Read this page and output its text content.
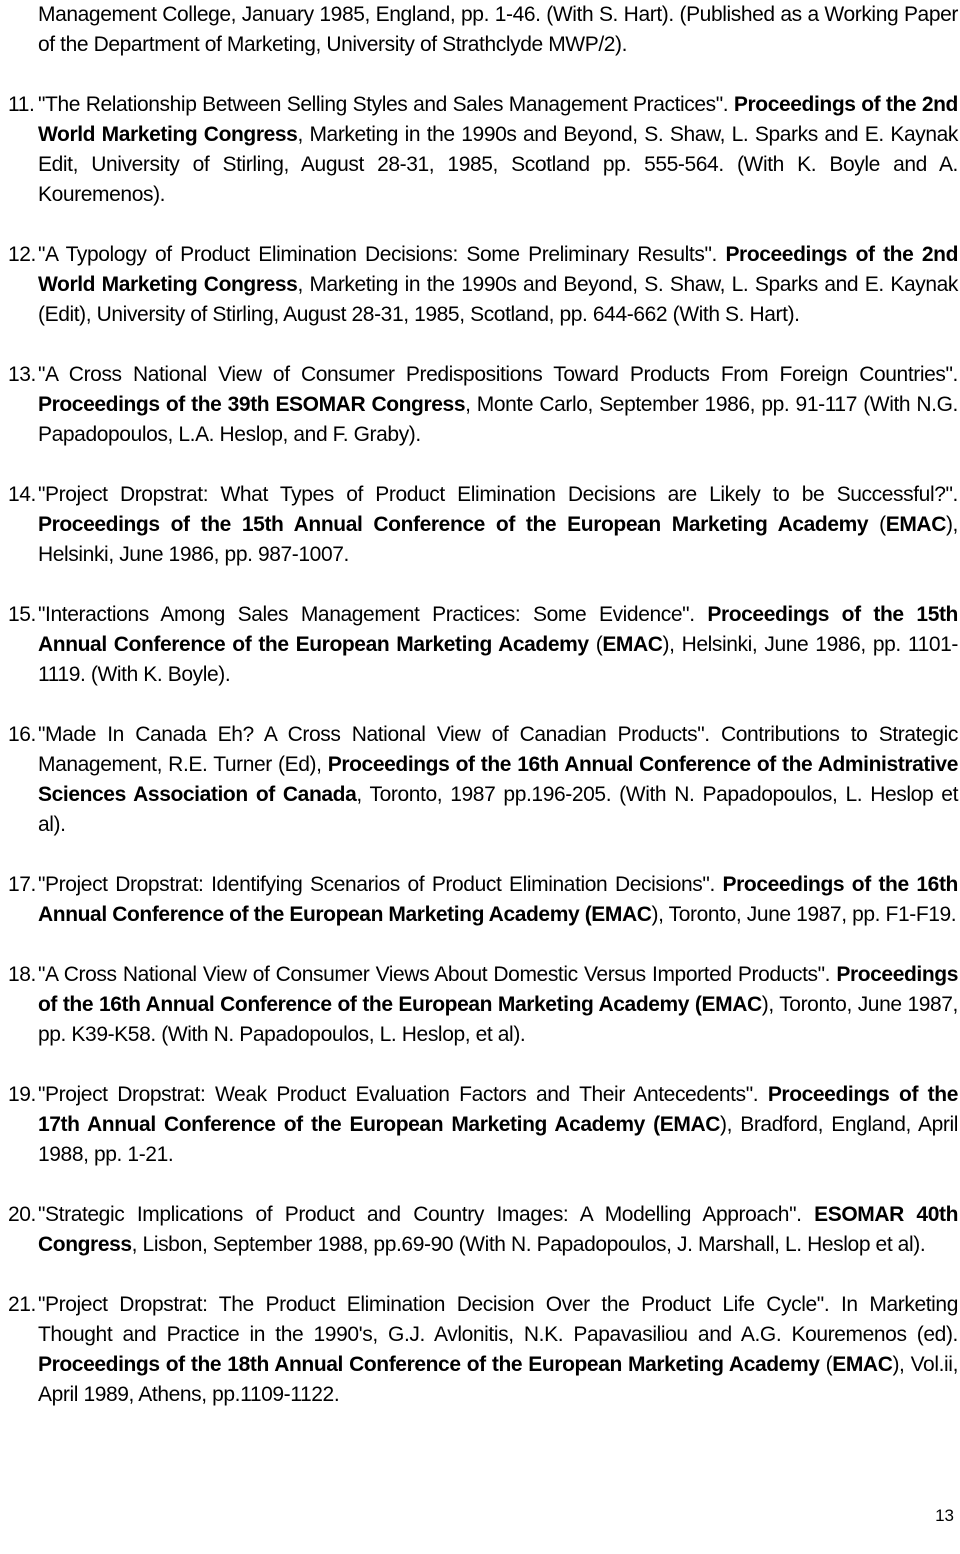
Management College, January 1985, England, pp. 1-46. (With S. Hart). (Published as a Working Paper of the Department of Marketing, University of Strathclyde MWP/2).
11. "The Relationship Between Selling Styles and Sales Management Practices". Proceedings of the 2nd World Marketing Congress, Marketing in the 1990s and Beyond, S. Shaw, L. Sparks and E. Kaynak Edit, University of Stirling, August 28-31, 1985, Scotland pp. 555-564. (With K. Boyle and A. Kouremenos).
12. "A Typology of Product Elimination Decisions: Some Preliminary Results". Proceedings of the 2nd World Marketing Congress, Marketing in the 1990s and Beyond, S. Shaw, L. Sparks and E. Kaynak (Edit), University of Stirling, August 28-31, 1985, Scotland, pp. 644-662 (With S. Hart).
13. "A Cross National View of Consumer Predispositions Toward Products From Foreign Countries". Proceedings of the 39th ESOMAR Congress, Monte Carlo, September 1986, pp. 91-117 (With N.G. Papadopoulos, L.A. Heslop, and F. Graby).
14. "Project Dropstrat: What Types of Product Elimination Decisions are Likely to be Successful?". Proceedings of the 15th Annual Conference of the European Marketing Academy (EMAC), Helsinki, June 1986, pp. 987-1007.
15. "Interactions Among Sales Management Practices: Some Evidence". Proceedings of the 15th Annual Conference of the European Marketing Academy (EMAC), Helsinki, June 1986, pp. 1101-1119. (With K. Boyle).
16. "Made In Canada Eh? A Cross National View of Canadian Products". Contributions to Strategic Management, R.E. Turner (Ed), Proceedings of the 16th Annual Conference of the Administrative Sciences Association of Canada, Toronto, 1987 pp.196-205. (With N. Papadopoulos, L. Heslop et al).
17. "Project Dropstrat: Identifying Scenarios of Product Elimination Decisions". Proceedings of the 16th Annual Conference of the European Marketing Academy (EMAC), Toronto, June 1987, pp. F1-F19.
18. "A Cross National View of Consumer Views About Domestic Versus Imported Products". Proceedings of the 16th Annual Conference of the European Marketing Academy (EMAC), Toronto, June 1987, pp. K39-K58. (With N. Papadopoulos, L. Heslop, et al).
19. "Project Dropstrat: Weak Product Evaluation Factors and Their Antecedents". Proceedings of the 17th Annual Conference of the European Marketing Academy (EMAC), Bradford, England, April 1988, pp. 1-21.
20. "Strategic Implications of Product and Country Images: A Modelling Approach". ESOMAR 40th Congress, Lisbon, September 1988, pp.69-90 (With N. Papadopoulos, J. Marshall, L. Heslop et al).
21. "Project Dropstrat: The Product Elimination Decision Over the Product Life Cycle". In Marketing Thought and Practice in the 1990's, G.J. Avlonitis, N.K. Papavasiliou and A.G. Kouremenos (ed). Proceedings of the 18th Annual Conference of the European Marketing Academy (EMAC), Vol.ii, April 1989, Athens, pp.1109-1122.
13
